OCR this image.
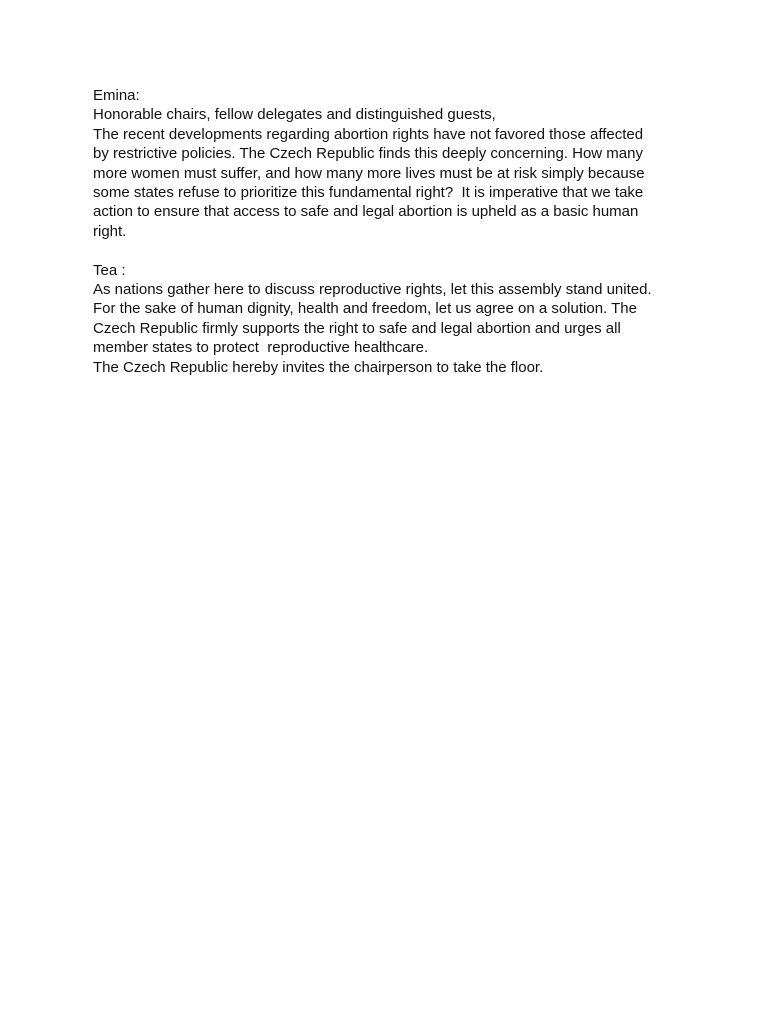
Emina:
Honorable chairs, fellow delegates and distinguished guests,
The recent developments regarding abortion rights have not favored those affected
by restrictive policies. The Czech Republic finds this deeply concerning. How many
more women must suffer, and how many more lives must be at risk simply because
some states refuse to prioritize this fundamental right?  It is imperative that we take
action to ensure that access to safe and legal abortion is upheld as a basic human
right.
Tea :
As nations gather here to discuss reproductive rights, let this assembly stand united.
For the sake of human dignity, health and freedom, let us agree on a solution. The
Czech Republic firmly supports the right to safe and legal abortion and urges all
member states to protect  reproductive healthcare.
The Czech Republic hereby invites the chairperson to take the floor.
